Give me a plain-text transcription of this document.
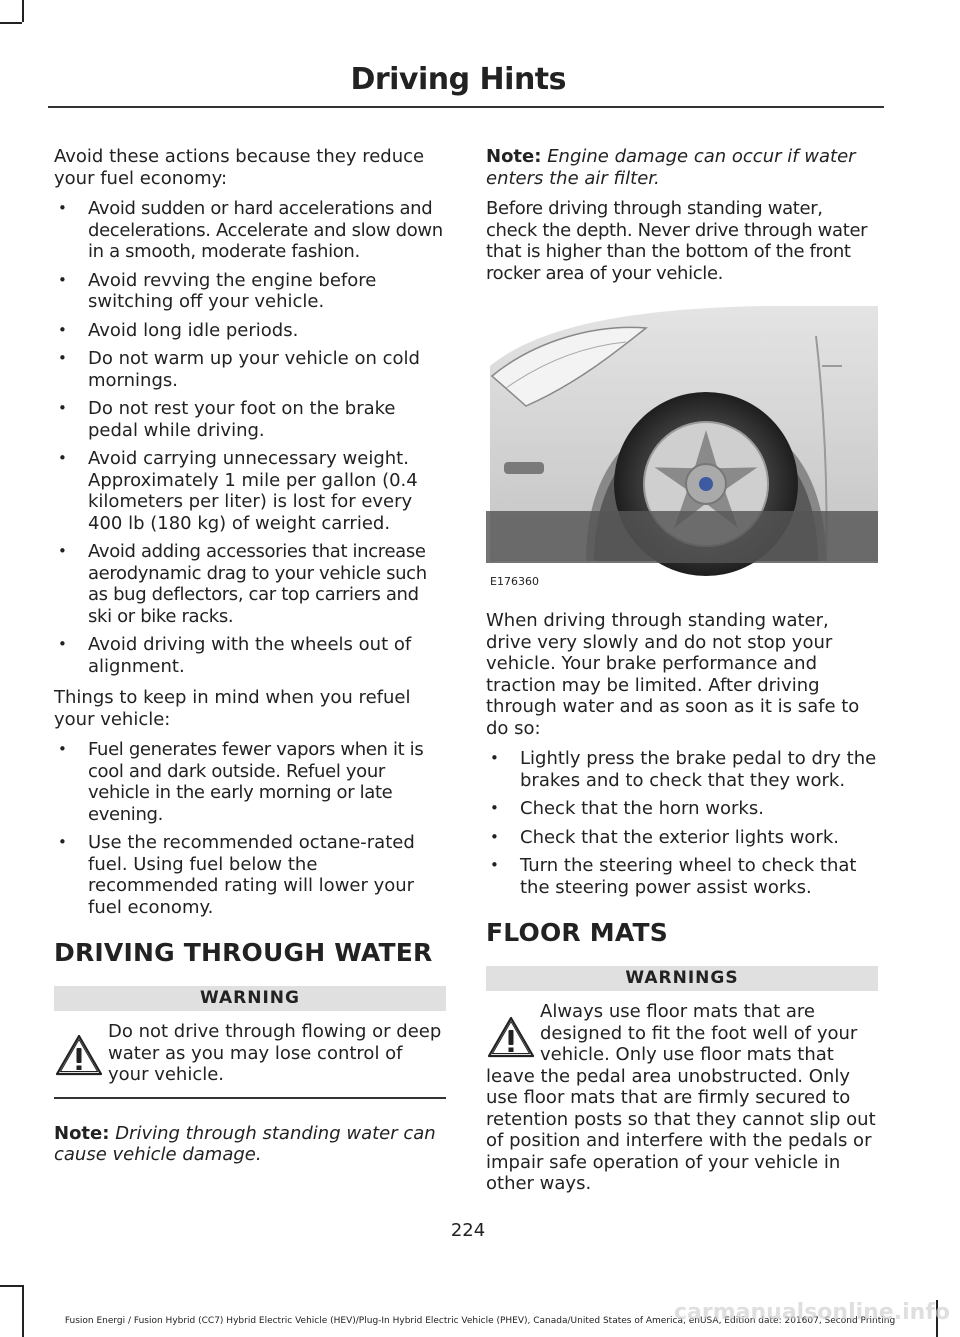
Driving Hints

Avoid these actions because they reduce your fuel economy:

• Avoid sudden or hard accelerations and decelerations. Accelerate and slow down in a smooth, moderate fashion.
• Avoid revving the engine before switching off your vehicle.
• Avoid long idle periods.
• Do not warm up your vehicle on cold mornings.
• Do not rest your foot on the brake pedal while driving.
• Avoid carrying unnecessary weight. Approximately 1 mile per gallon (0.4 kilometers per liter) is lost for every 400 lb (180 kg) of weight carried.
• Avoid adding accessories that increase aerodynamic drag to your vehicle such as bug deflectors, car top carriers and ski or bike racks.
• Avoid driving with the wheels out of alignment.

Things to keep in mind when you refuel your vehicle:

• Fuel generates fewer vapors when it is cool and dark outside. Refuel your vehicle in the early morning or late evening.
• Use the recommended octane-rated fuel. Using fuel below the recommended rating will lower your fuel economy.
DRIVING THROUGH WATER
WARNING
Do not drive through flowing or deep water as you may lose control of your vehicle.

Note: Driving through standing water can cause vehicle damage.

Note: Engine damage can occur if water enters the air filter.

Before driving through standing water, check the depth. Never drive through water that is higher than the bottom of the front rocker area of your vehicle.

E176360

When driving through standing water, drive very slowly and do not stop your vehicle. Your brake performance and traction may be limited. After driving through water and as soon as it is safe to do so:

• Lightly press the brake pedal to dry the brakes and to check that they work.
• Check that the horn works.
• Check that the exterior lights work.
• Turn the steering wheel to check that the steering power assist works.
FLOOR MATS
WARNINGS
Always use floor mats that are designed to fit the foot well of your vehicle. Only use floor mats that
leave the pedal area unobstructed. Only use floor mats that are firmly secured to retention posts so that they cannot slip out of position and interfere with the pedals or impair safe operation of your vehicle in other ways.
224
Fusion Energi / Fusion Hybrid (CC7) Hybrid Electric Vehicle (HEV)/Plug-In Hybrid Electric Vehicle (PHEV), Canada/United States of America, enUSA, Edition date: 201607, Second Printing
carmanualsonline.info
